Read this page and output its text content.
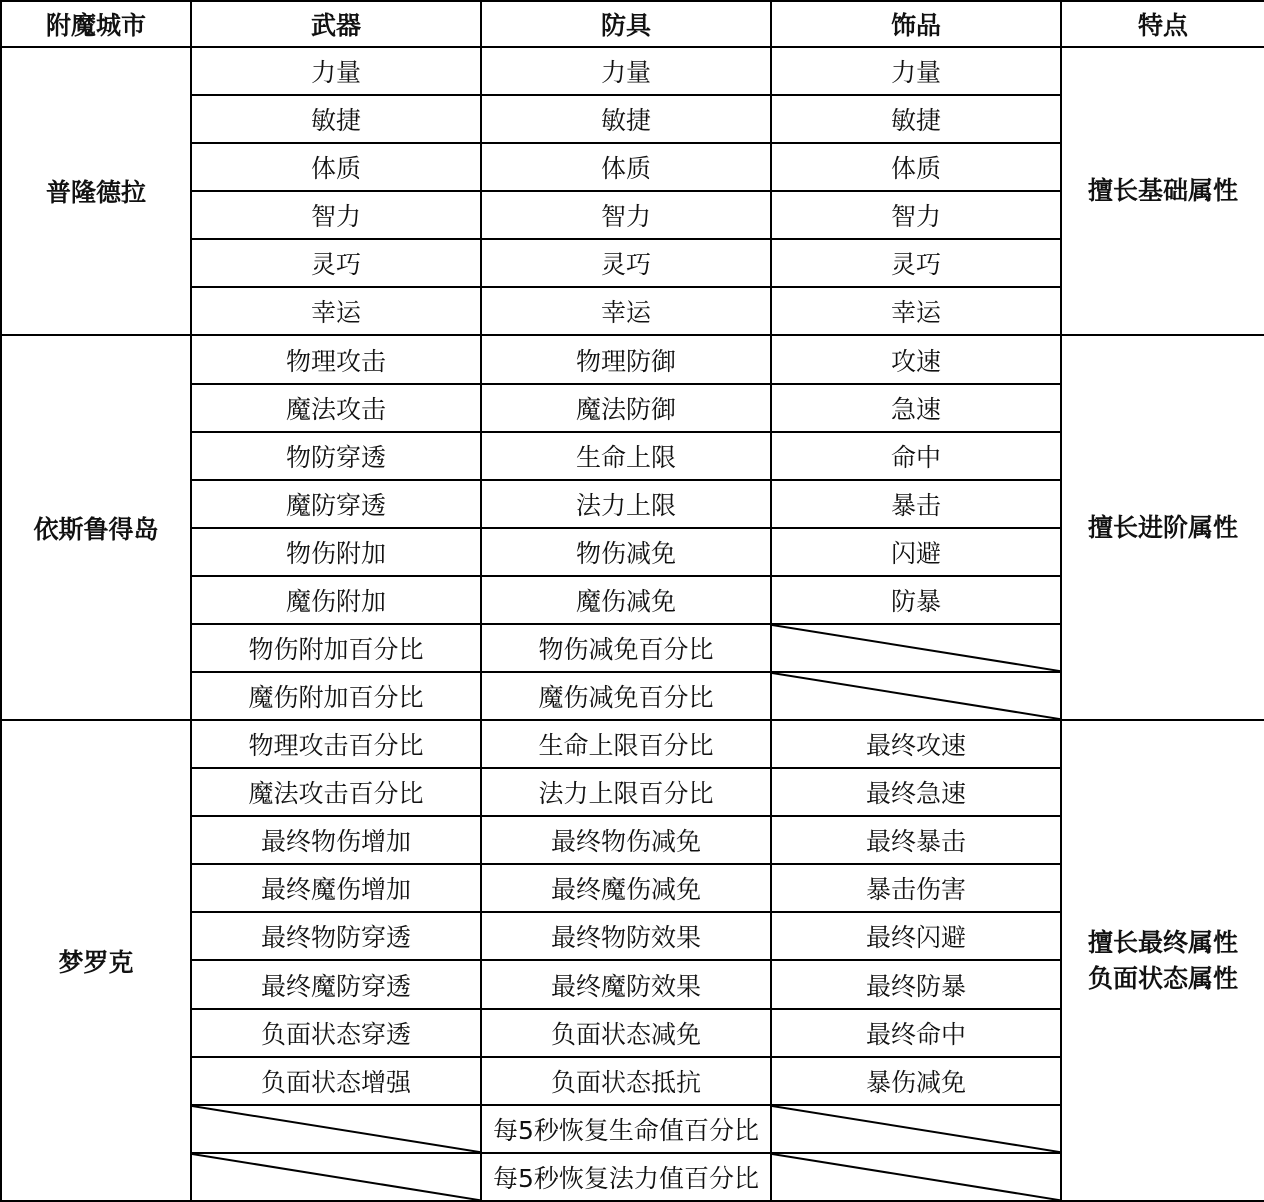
附魔城市	武器	防具	饰品	特点
普隆德拉	力量	力量	力量	擅长基础属性

	敏捷	敏捷	敏捷	
	体质	体质	体质	
	智力	智力	智力	
	灵巧	灵巧	灵巧	
	幸运	幸运	幸运	
依斯鲁得岛	物理攻击	物理防御	攻速	擅长进阶属性

	魔法攻击	魔法防御	急速	
	物防穿透	生命上限	命中	
	魔防穿透	法力上限	暴击	
	物伤附加	物伤减免	闪避	
	魔伤附加	魔伤减免	防暴	
	物伤附加百分比	物伤减免百分比	

	魔伤附加百分比	魔伤减免百分比	

梦罗克	物理攻击百分比	生命上限百分比	最终攻速	擅长最终属性
负面状态属性

	魔法攻击百分比	法力上限百分比	最终急速	
	最终物伤增加	最终物伤减免	最终暴击	
	最终魔伤增加	最终魔伤减免	暴击伤害	
	最终物防穿透	最终物防效果	最终闪避	
	最终魔防穿透	最终魔防效果	最终防暴	
	负面状态穿透	负面状态减免	最终命中	
	负面状态增强	负面状态抵抗	暴伤减免	

	每5秒恢复生命值百分比	

	每5秒恢复法力值百分比	
